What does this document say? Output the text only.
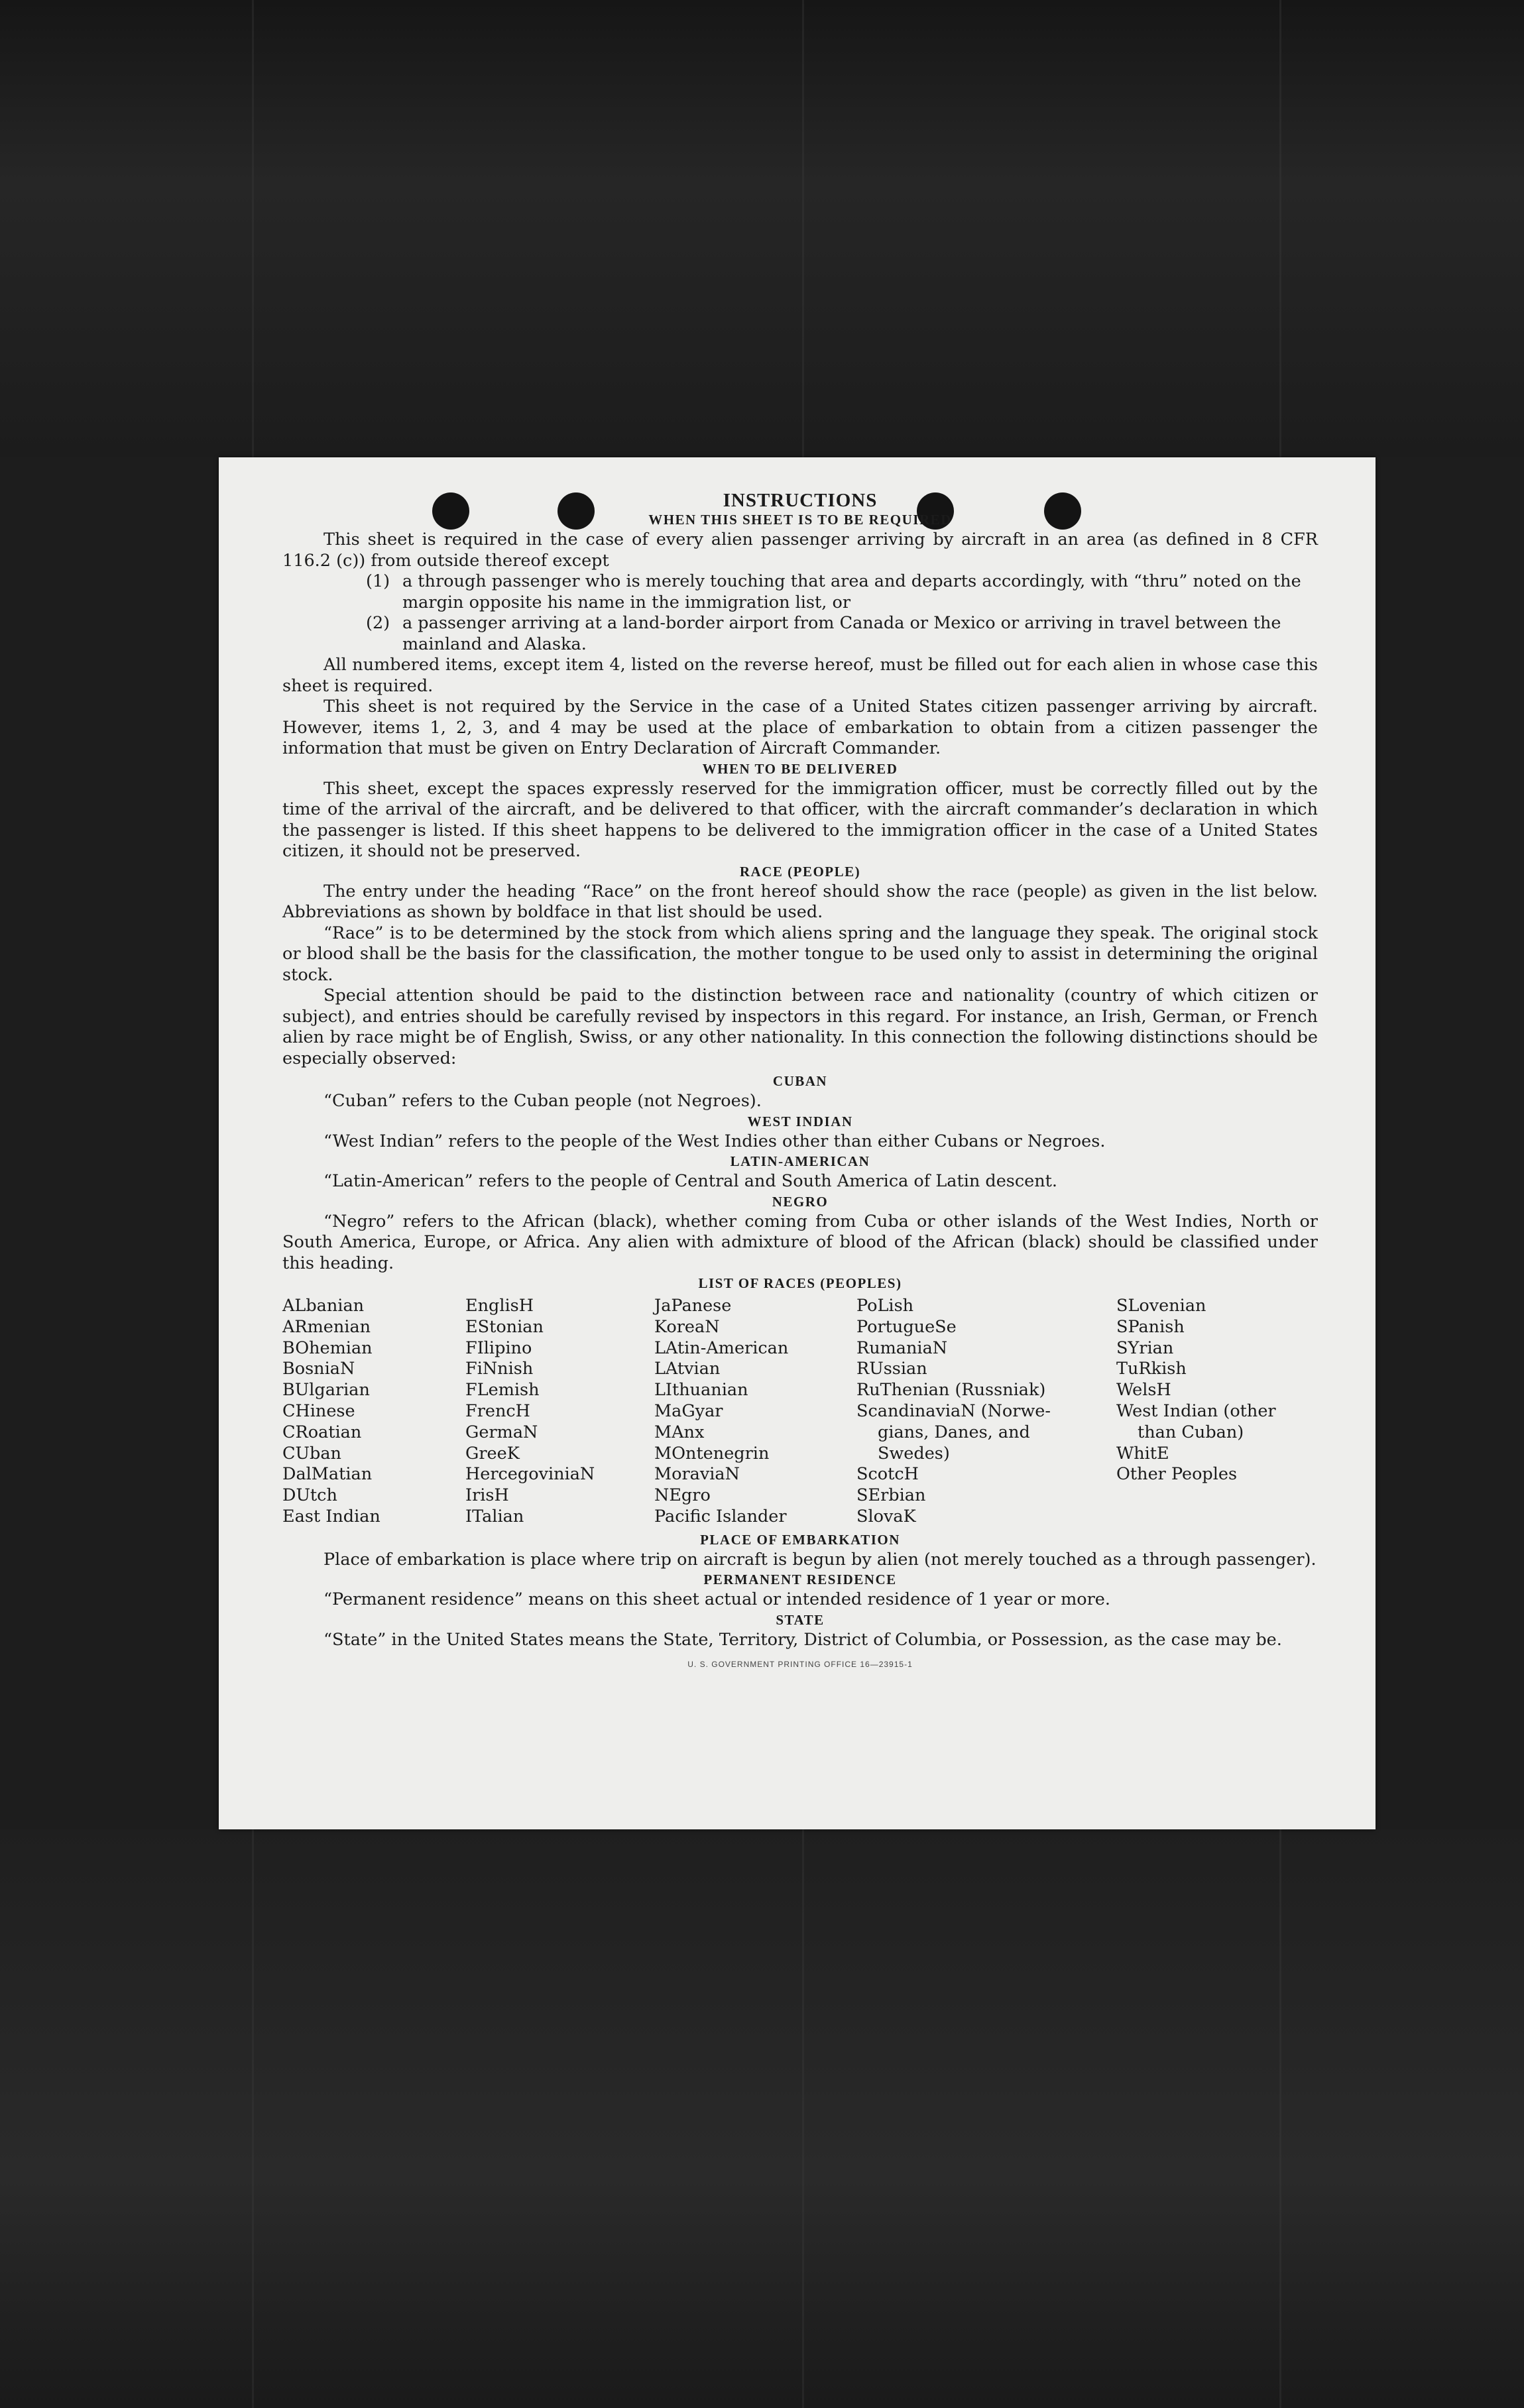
INSTRUCTIONS
WHEN THIS SHEET IS TO BE REQUIRED

This sheet is required in the case of every alien passenger arriving by aircraft in an area (as defined in 8 CFR 116.2 (c)) from outside thereof except

(1) a through passenger who is merely touching that area and departs accordingly, with “thru” noted on the margin opposite his name in the immigration list, or
(2) a passenger arriving at a land-border airport from Canada or Mexico or arriving in travel between the mainland and Alaska.

All numbered items, except item 4, listed on the reverse hereof, must be filled out for each alien in whose case this sheet is required.

This sheet is not required by the Service in the case of a United States citizen passenger arriving by aircraft. However, items 1, 2, 3, and 4 may be used at the place of embarkation to obtain from a citizen passenger the information that must be given on Entry Declaration of Aircraft Commander.

WHEN TO BE DELIVERED

This sheet, except the spaces expressly reserved for the immigration officer, must be correctly filled out by the time of the arrival of the aircraft, and be delivered to that officer, with the aircraft commander’s declaration in which the passenger is listed. If this sheet happens to be delivered to the immigration officer in the case of a United States citizen, it should not be preserved.

RACE (PEOPLE)

The entry under the heading “Race” on the front hereof should show the race (people) as given in the list below. Abbreviations as shown by boldface in that list should be used.

“Race” is to be determined by the stock from which aliens spring and the language they speak. The original stock or blood shall be the basis for the classification, the mother tongue to be used only to assist in determining the original stock.

Special attention should be paid to the distinction between race and nationality (country of which citizen or subject), and entries should be carefully revised by inspectors in this regard. For instance, an Irish, German, or French alien by race might be of English, Swiss, or any other nationality. In this connection the following distinctions should be especially observed:

CUBAN

“Cuban” refers to the Cuban people (not Negroes).

WEST INDIAN

“West Indian” refers to the people of the West Indies other than either Cubans or Negroes.

LATIN-AMERICAN

“Latin-American” refers to the people of Central and South America of Latin descent.

NEGRO

“Negro” refers to the African (black), whether coming from Cuba or other islands of the West Indies, North or South America, Europe, or Africa. Any alien with admixture of blood of the African (black) should be classified under this heading.

LIST OF RACES (PEOPLES)
ALbanian
ARmenian
BOhemian
BosniaN
BUlgarian
CHinese
CRoatian
CUban
DalMatian
DUtch
East Indian
EnglisH
EStonian
FIlipino
FiNnish
FLemish
FrencH
GermaN
GreeK
HercegoviniaN
IrisH
ITalian
JaPanese
KoreaN
LAtin-American
LAtvian
LIthuanian
MaGyar
MAnx
MOntenegrin
MoraviaN
NEgro
Pacific Islander
PoLish
PortugueSe
RumaniaN
RUssian
RuThenian (Russniak)
ScandinaviaN (Norwe-
gians, Danes, and
Swedes)
ScotcH
SErbian
SlovaK
SLovenian
SPanish
SYrian
TuRkish
WelsH
West Indian (other
than Cuban)
WhitE
Other Peoples
PLACE OF EMBARKATION

Place of embarkation is place where trip on aircraft is begun by alien (not merely touched as a through passenger).

PERMANENT RESIDENCE

“Permanent residence” means on this sheet actual or intended residence of 1 year or more.

STATE

“State” in the United States means the State, Territory, District of Columbia, or Possession, as the case may be.

U. S. GOVERNMENT PRINTING OFFICE 16—23915-1
